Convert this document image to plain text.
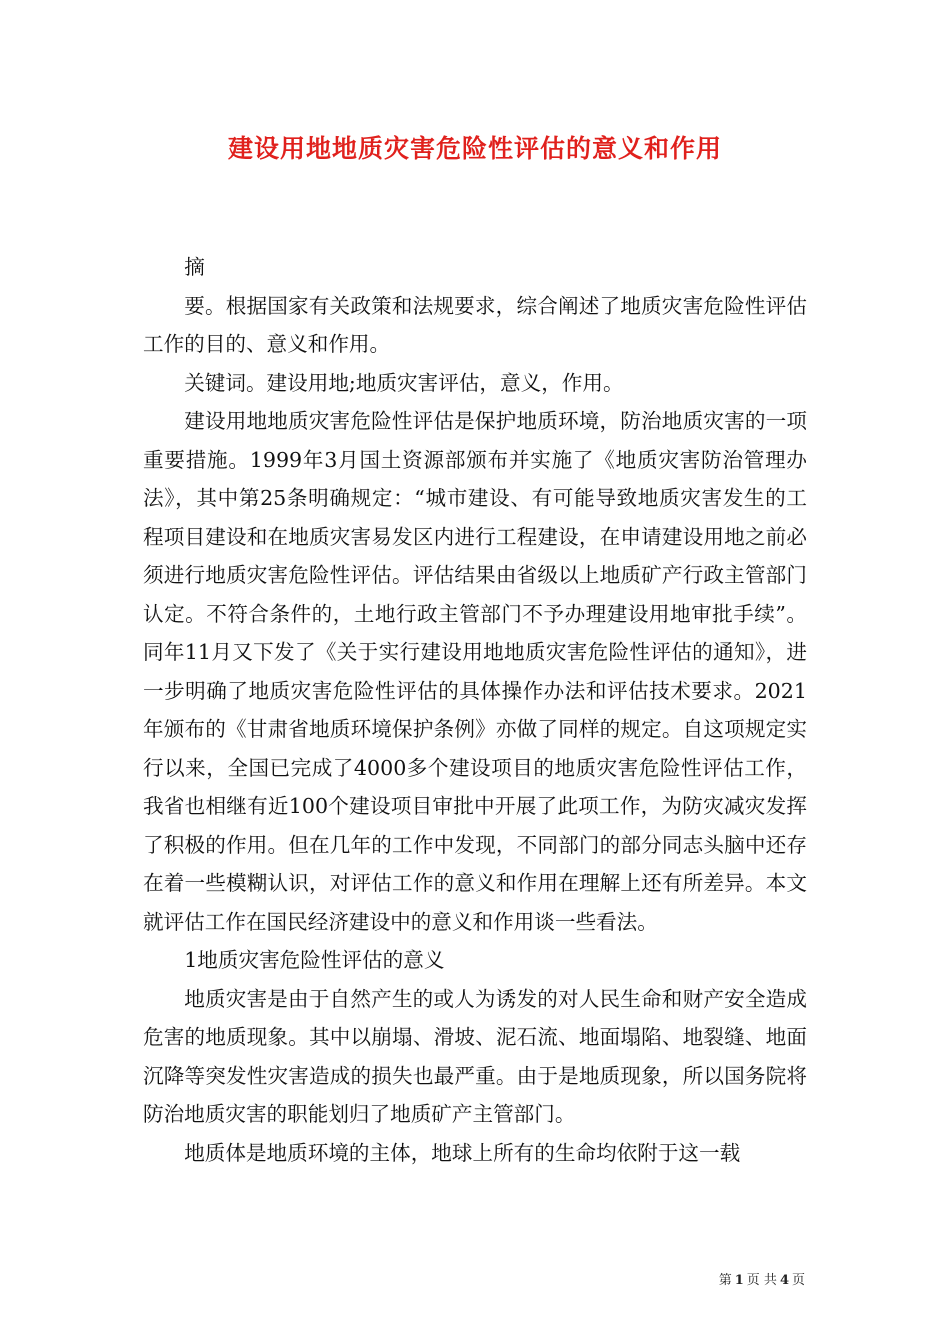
建设用地地质灾害危险性评估的意义和作用

摘

要。根据国家有关政策和法规要求，综合阐述了地质灾害危险性评估工作的目的、意义和作用。

关键词。建设用地;地质灾害评估，意义，作用。

建设用地地质灾害危险性评估是保护地质环境，防治地质灾害的一项重要措施。1999年3月国土资源部颁布并实施了《地质灾害防治管理办法》，其中第25条明确规定：“城市建设、有可能导致地质灾害发生的工程项目建设和在地质灾害易发区内进行工程建设，在申请建设用地之前必须进行地质灾害危险性评估。评估结果由省级以上地质矿产行政主管部门认定。不符合条件的，土地行政主管部门不予办理建设用地审批手续”。同年11月又下发了《关于实行建设用地地质灾害危险性评估的通知》，进一步明确了地质灾害危险性评估的具体操作办法和评估技术要求。2021年颁布的《甘肃省地质环境保护条例》亦做了同样的规定。自这项规定实行以来，全国已完成了4000多个建设项目的地质灾害危险性评估工作，我省也相继有近100个建设项目审批中开展了此项工作，为防灾减灾发挥了积极的作用。但在几年的工作中发现，不同部门的部分同志头脑中还存在着一些模糊认识，对评估工作的意义和作用在理解上还有所差异。本文就评估工作在国民经济建设中的意义和作用谈一些看法。

1地质灾害危险性评估的意义

地质灾害是由于自然产生的或人为诱发的对人民生命和财产安全造成危害的地质现象。其中以崩塌、滑坡、泥石流、地面塌陷、地裂缝、地面沉降等突发性灾害造成的损失也最严重。由于是地质现象，所以国务院将防治地质灾害的职能划归了地质矿产主管部门。

地质体是地质环境的主体，地球上所有的生命均依附于这一载

第 1 页 共 4 页
